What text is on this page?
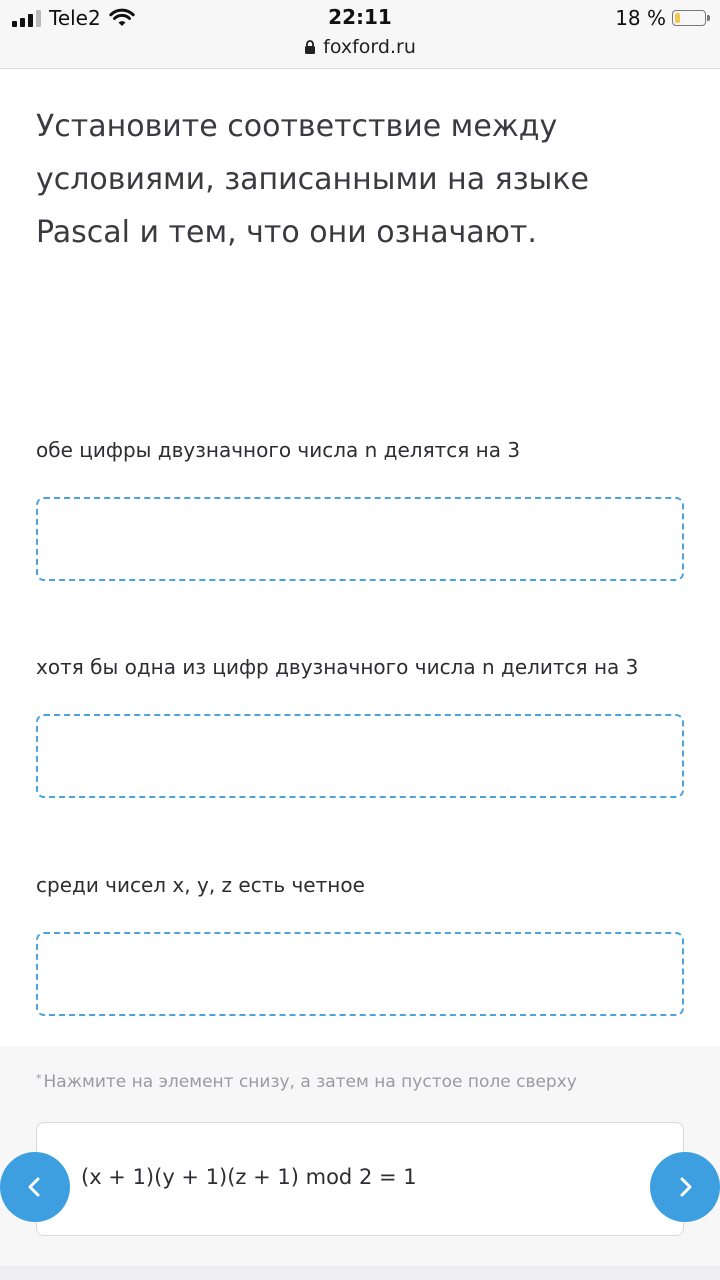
Tele2	22:11
foxford.ru
18 %
Установите соответствие между условиями, записанными на языке Pascal и тем, что они означают.
обе цифры двузначного числа n делятся на 3
хотя бы одна из цифр двузначного числа n делится на 3
среди чисел x, y, z есть четное
* Нажмите на элемент снизу, а затем на пустое поле сверху
(x + 1)(y + 1)(z + 1) mod 2 = 1
